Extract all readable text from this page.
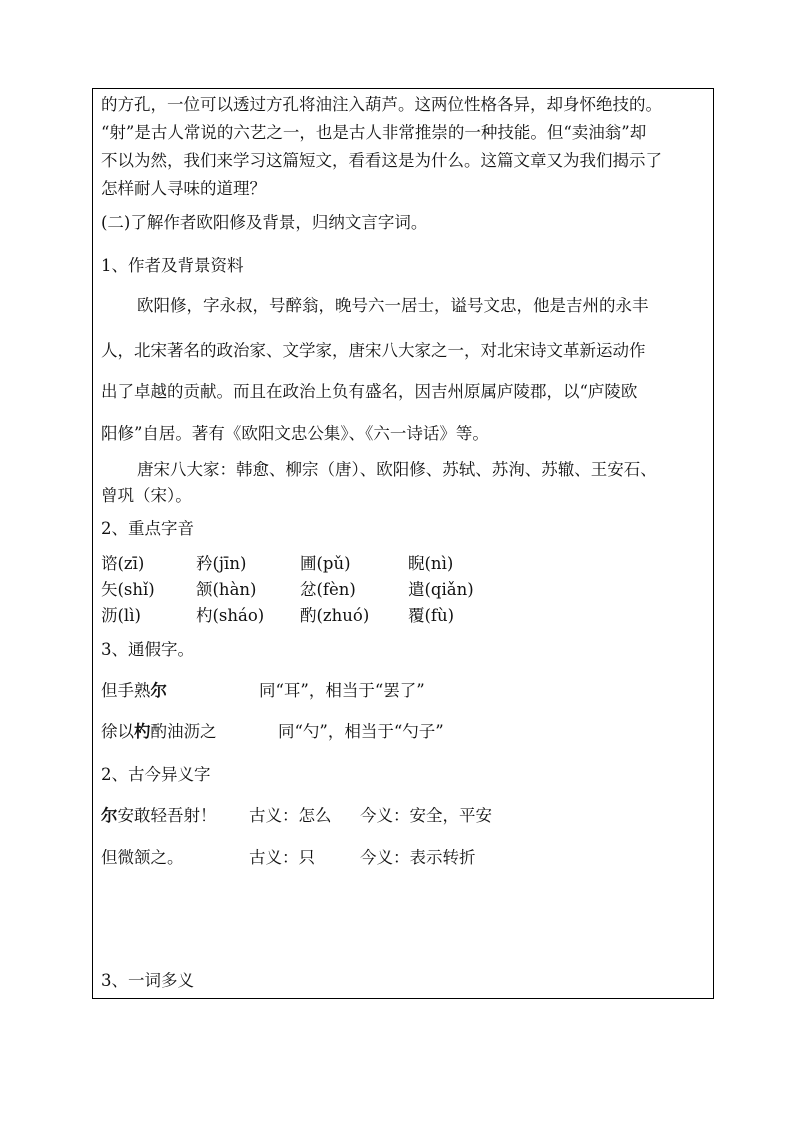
的方孔，一位可以透过方孔将油注入葫芦。这两位性格各异，却身怀绝技的。
“射”是古人常说的六艺之一，也是古人非常推崇的一种技能。但“卖油翁”却
不以为然，我们来学习这篇短文，看看这是为什么。这篇文章又为我们揭示了
怎样耐人寻味的道理？
(二)了解作者欧阳修及背景，归纳文言字词。
1、作者及背景资料
欧阳修，字永叔，号醉翁，晚号六一居士，谥号文忠，他是吉州的永丰
人，北宋著名的政治家、文学家，唐宋八大家之一，对北宋诗文革新运动作
出了卓越的贡献。而且在政治上负有盛名，因吉州原属庐陵郡，以“庐陵欧
阳修”自居。著有《欧阳文忠公集》、《六一诗话》等。
唐宋八大家：韩愈、柳宗（唐）、欧阳修、苏轼、苏洵、苏辙、王安石、
曾巩（宋）。
2、重点字音
谘(zī)	矜(jīn)	圃(pǔ)	睨(nì)
矢(shǐ)	颔(hàn)	忿(fèn)	遣(qiǎn)
沥(lì)	杓(sháo) 酌(zhuó) 覆(fù)
3、通假字。
但手熟尔	同“耳”，相当于“罢了”
徐以杓酌油沥之	同“勺”，相当于“勺子”
2、古今异义字
尔安敢轻吾射！ 古义：怎么 今义：安全，平安
但微颔之。	古义：只	今义：表示转折
3、一词多义
